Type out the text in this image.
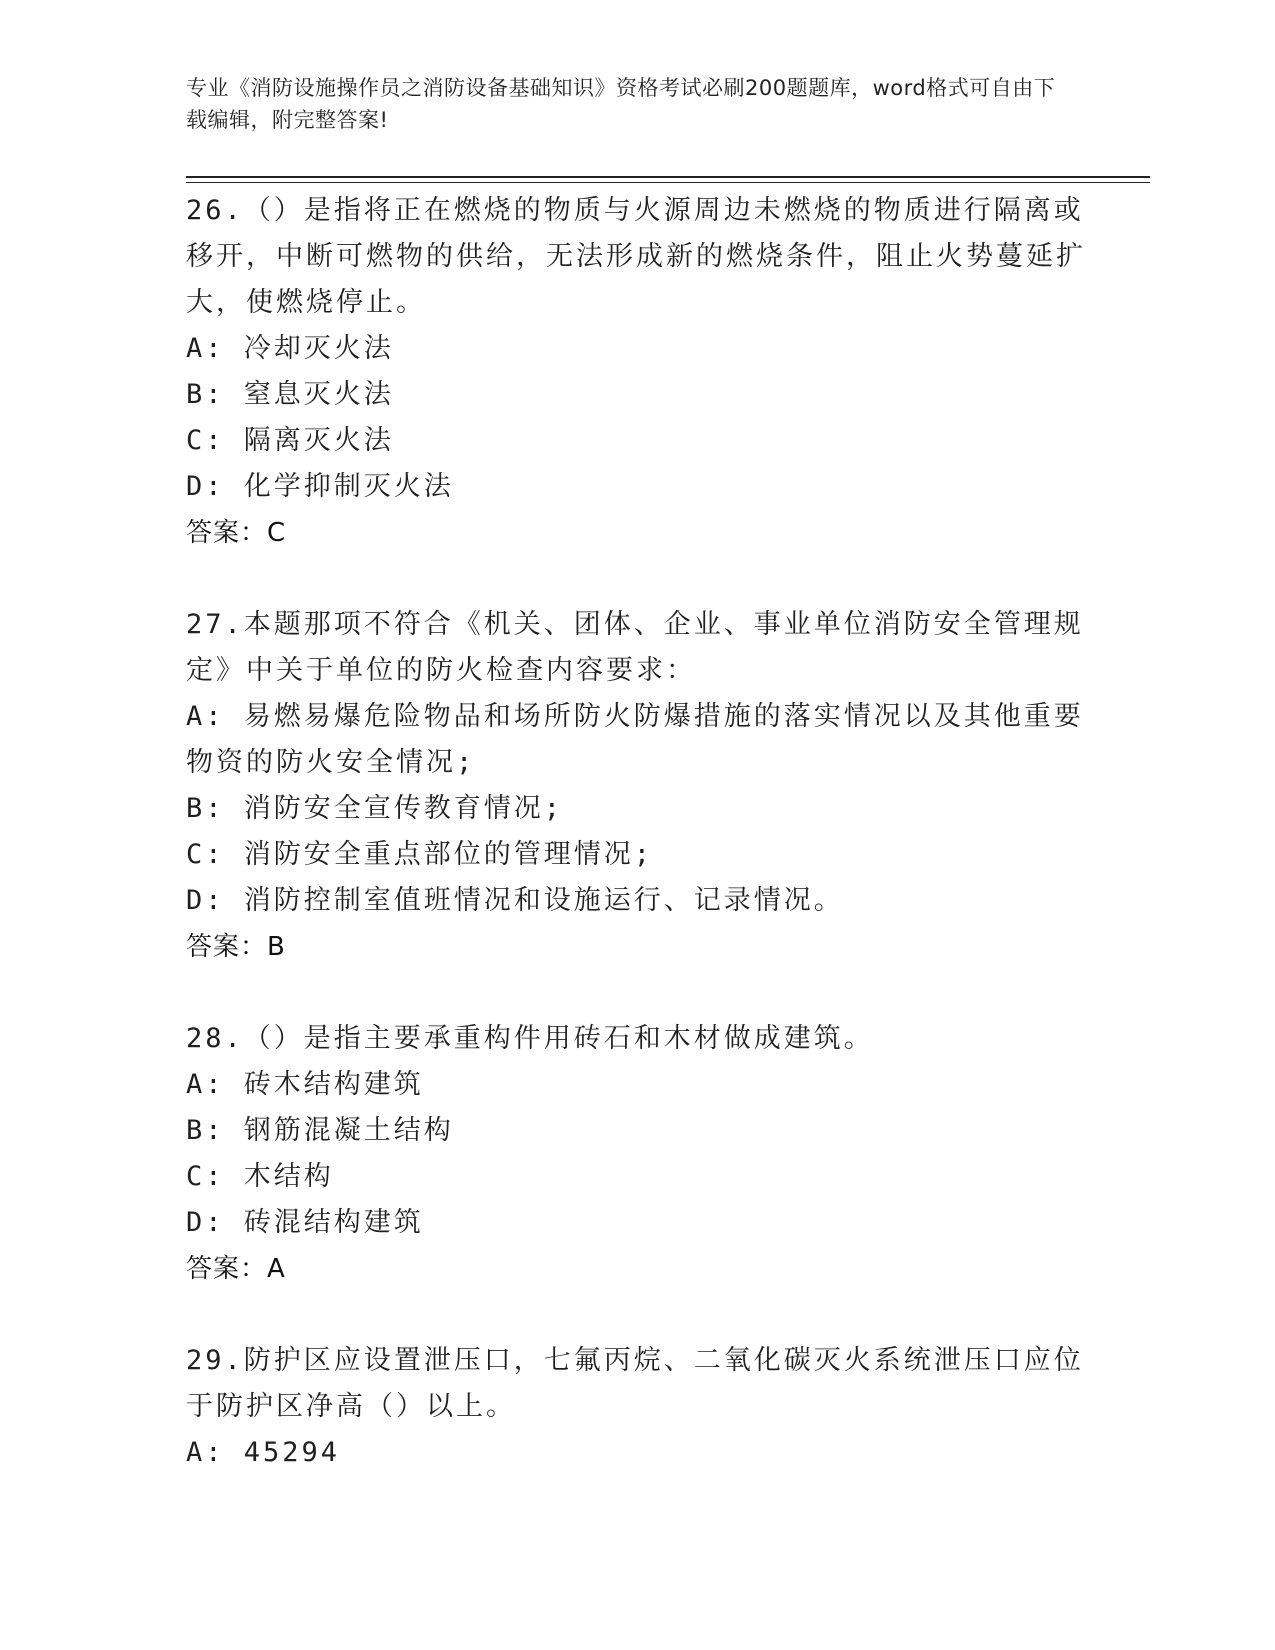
专业《消防设施操作员之消防设备基础知识》资格考试必刷200题题库，word格式可自由下载编辑，附完整答案!
26.（）是指将正在燃烧的物质与火源周边未燃烧的物质进行隔离或移开，中断可燃物的供给，无法形成新的燃烧条件，阻止火势蔓延扩大，使燃烧停止。
A: 冷却灭火法
B: 窒息灭火法
C: 隔离灭火法
D: 化学抑制灭火法
答案：C
27.本题那项不符合《机关、团体、企业、事业单位消防安全管理规定》中关于单位的防火检查内容要求：
A: 易燃易爆危险物品和场所防火防爆措施的落实情况以及其他重要物资的防火安全情况;
B: 消防安全宣传教育情况;
C: 消防安全重点部位的管理情况;
D: 消防控制室值班情况和设施运行、记录情况。
答案：B
28.（）是指主要承重构件用砖石和木材做成建筑。
A: 砖木结构建筑
B: 钢筋混凝土结构
C: 木结构
D: 砖混结构建筑
答案：A
29.防护区应设置泄压口，七氟丙烷、二氧化碳灭火系统泄压口应位于防护区净高（）以上。
A: 45294
